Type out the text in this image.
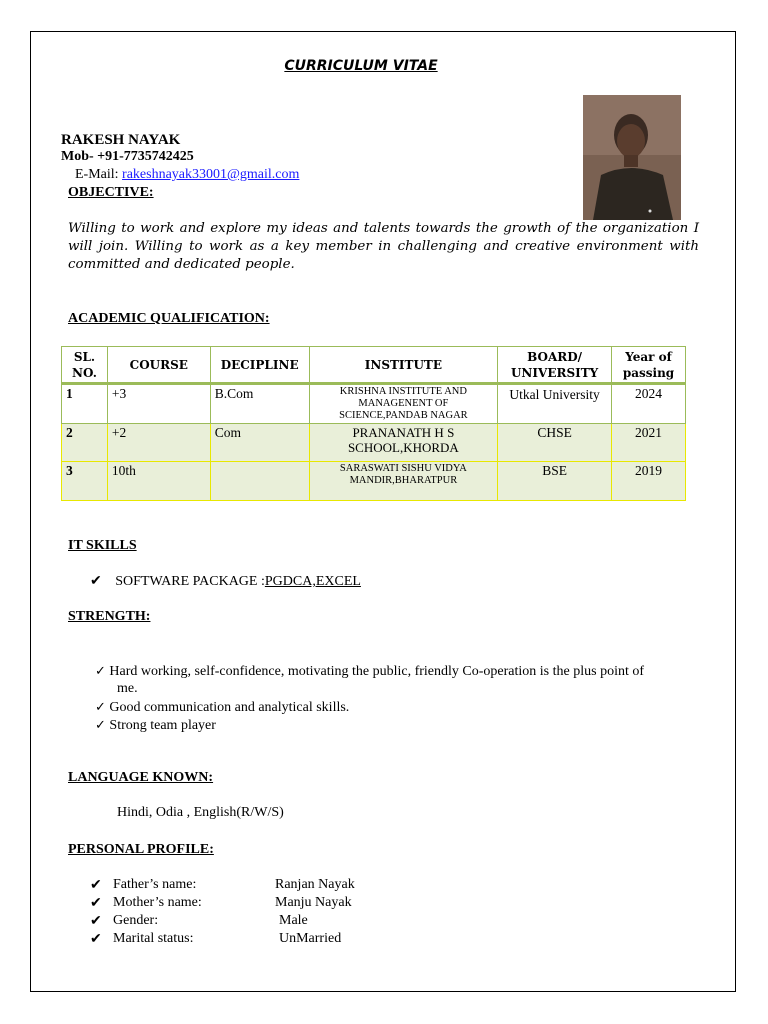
CURRICULUM VITAE
RAKESH NAYAK
Mob- +91-7735742425
E-Mail: rakeshnayak33001@gmail.com
OBJECTIVE:
Willing to work and explore my ideas and talents towards the growth of the organization I will join. Willing to work as a key member in challenging and creative environment with committed and dedicated people.
ACADEMIC QUALIFICATION:
SL. NO.	COURSE	DECIPLINE	INSTITUTE	BOARD/ UNIVERSITY	Year of passing
1	+3	B.Com	KRISHNA INSTITUTE AND MANAGENENT OF SCIENCE,PANDAB NAGAR	Utkal University	2024
2	+2	Com	PRANANATH H S SCHOOL,KHORDA	CHSE	2021
3	10th		SARASWATI SISHU VIDYA MANDIR,BHARATPUR	BSE	2019
IT SKILLS
✔ SOFTWARE PACKAGE :PGDCA,EXCEL
STRENGTH:
✓ Hard working, self-confidence, motivating the public, friendly Co-operation is the plus point of
me.
✓ Good communication and analytical skills.
✓ Strong team player
LANGUAGE KNOWN:
Hindi, Odia , English(R/W/S)
PERSONAL PROFILE:
✔ Father’s name:	Ranjan Nayak
✔ Mother’s name:	Manju Nayak
✔ Gender:	Male
✔ Marital status:	UnMarried
